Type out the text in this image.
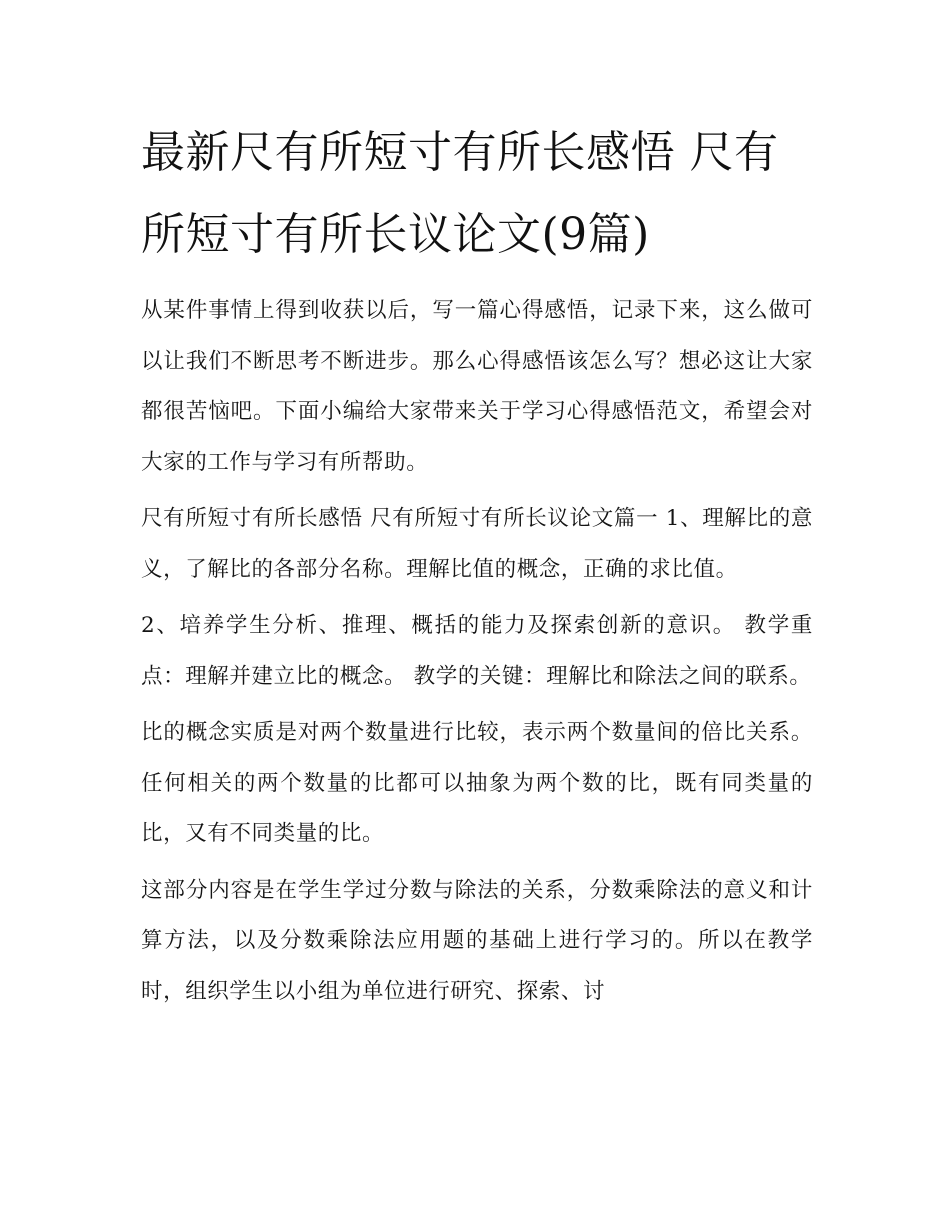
最新尺有所短寸有所长感悟 尺有所短寸有所长议论文(9篇)

从某件事情上得到收获以后，写一篇心得感悟，记录下来，这么做可以让我们不断思考不断进步。那么心得感悟该怎么写？想必这让大家都很苦恼吧。下面小编给大家带来关于学习心得感悟范文，希望会对大家的工作与学习有所帮助。

尺有所短寸有所长感悟 尺有所短寸有所长议论文篇一 1、理解比的意义，了解比的各部分名称。理解比值的概念，正确的求比值。

2、培养学生分析、推理、概括的能力及探索创新的意识。 教学重点：理解并建立比的概念。 教学的关键：理解比和除法之间的联系。

比的概念实质是对两个数量进行比较，表示两个数量间的倍比关系。任何相关的两个数量的比都可以抽象为两个数的比，既有同类量的比，又有不同类量的比。

这部分内容是在学生学过分数与除法的关系，分数乘除法的意义和计算方法，以及分数乘除法应用题的基础上进行学习的。所以在教学时，组织学生以小组为单位进行研究、探索、讨
